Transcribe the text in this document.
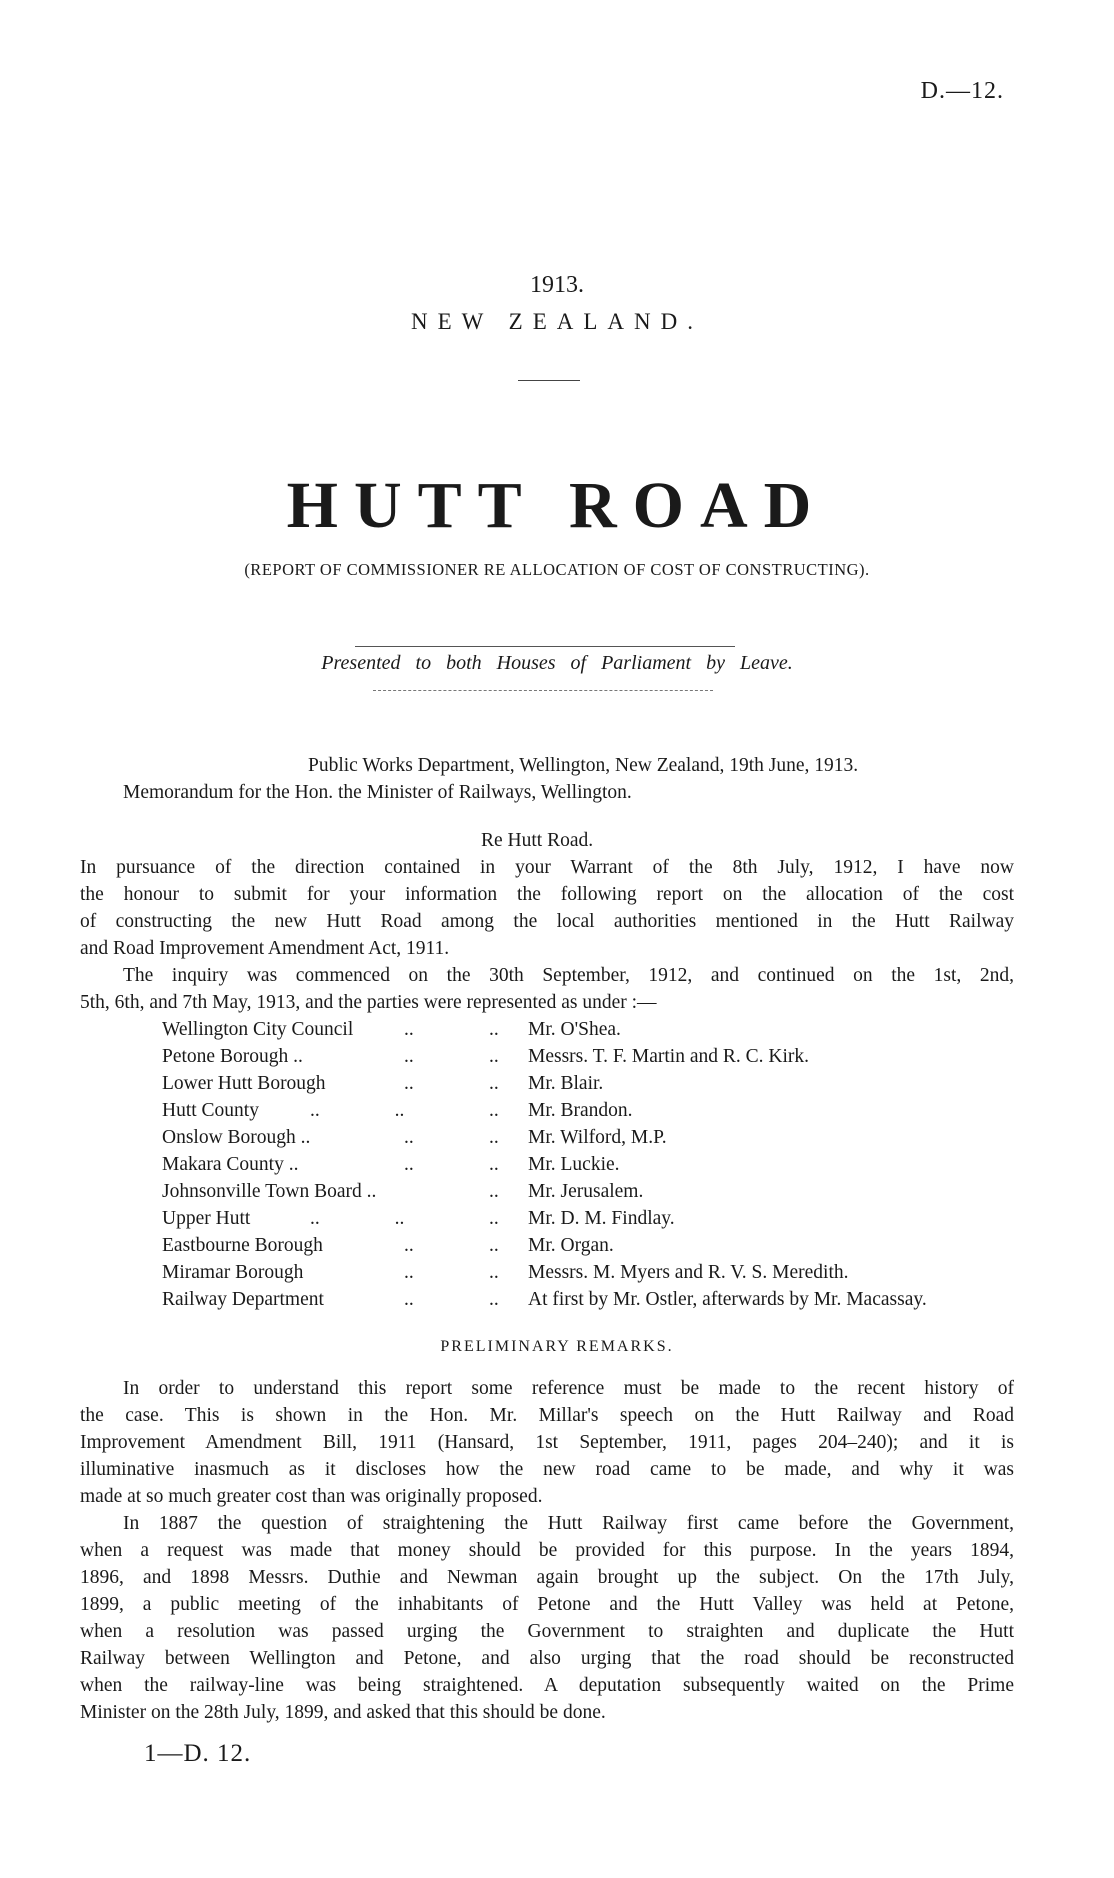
D.—12.
1913.
NEW ZEALAND.
HUTT ROAD
(REPORT OF COMMISSIONER RE ALLOCATION OF COST OF CONSTRUCTING).
Presented to both Houses of Parliament by Leave.
Public Works Department, Wellington, New Zealand, 19th June, 1913.
Memorandum for the Hon. the Minister of Railways, Wellington.
Re Hutt Road.
In pursuance of the direction contained in your Warrant of the 8th July, 1912, I have now
the honour to submit for your information the following report on the allocation of the cost
of constructing the new Hutt Road among the local authorities mentioned in the Hutt Railway
and Road Improvement Amendment Act, 1911.
The inquiry was commenced on the 30th September, 1912, and continued on the 1st, 2nd,
5th, 6th, and 7th May, 1913, and the parties were represented as under :—
Wellington City Council	..	.. Mr. O'Shea.
Petone Borough ..	..	.. Messrs. T. F. Martin and R. C. Kirk.
Lower Hutt Borough	..	.. Mr. Blair.
Hutt County	.. ..	.. Mr. Brandon.
Onslow Borough ..	..	.. Mr. Wilford, M.P.
Makara County ..	..	.. Mr. Luckie.
Johnsonville Town Board ..	.. Mr. Jerusalem.
Upper Hutt	.. ..	.. Mr. D. M. Findlay.
Eastbourne Borough	..	.. Mr. Organ.
Miramar Borough	..	.. Messrs. M. Myers and R. V. S. Meredith.
Railway Department	..	.. At first by Mr. Ostler, afterwards by Mr. Macassay.
PRELIMINARY REMARKS.
In order to understand this report some reference must be made to the recent history of
the case. This is shown in the Hon. Mr. Millar's speech on the Hutt Railway and Road
Improvement Amendment Bill, 1911 (Hansard, 1st September, 1911, pages 204–240); and it is
illuminative inasmuch as it discloses how the new road came to be made, and why it was
made at so much greater cost than was originally proposed.
In 1887 the question of straightening the Hutt Railway first came before the Government,
when a request was made that money should be provided for this purpose. In the years 1894,
1896, and 1898 Messrs. Duthie and Newman again brought up the subject. On the 17th July,
1899, a public meeting of the inhabitants of Petone and the Hutt Valley was held at Petone,
when a resolution was passed urging the Government to straighten and duplicate the Hutt
Railway between Wellington and Petone, and also urging that the road should be reconstructed
when the railway-line was being straightened. A deputation subsequently waited on the Prime
Minister on the 28th July, 1899, and asked that this should be done.
1—D. 12.
